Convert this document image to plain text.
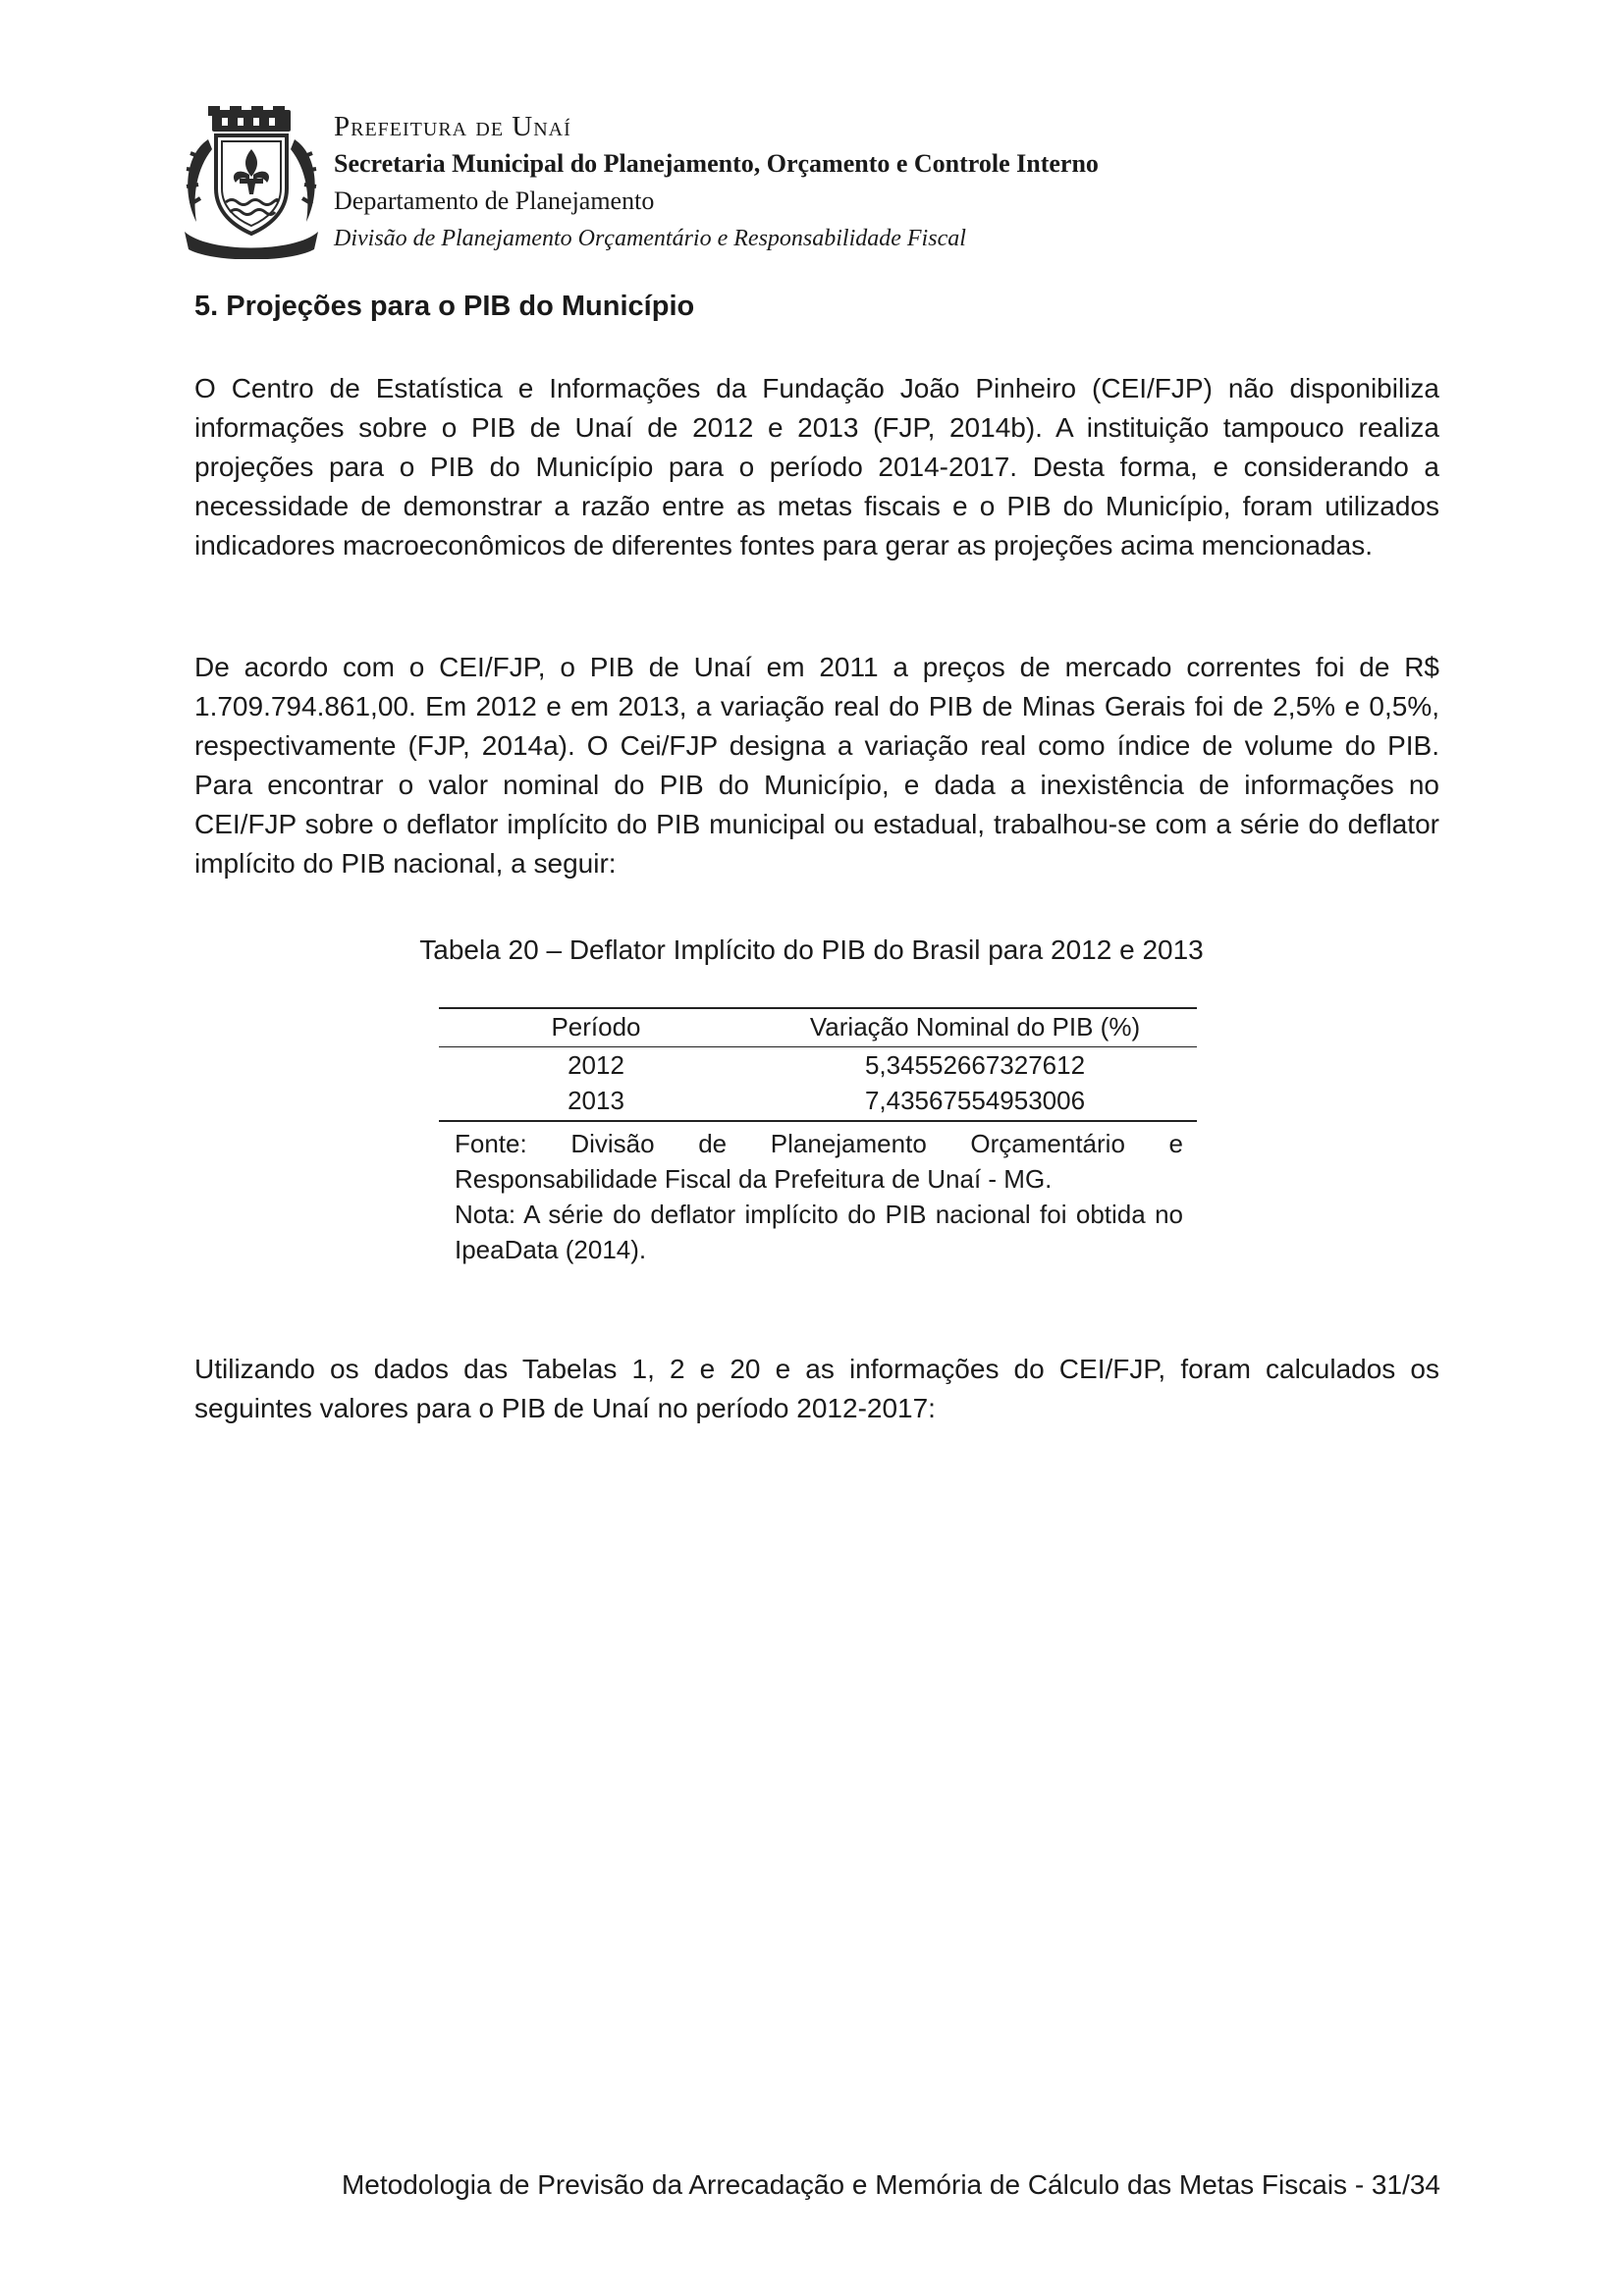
Prefeitura de Unaí
Secretaria Municipal do Planejamento, Orçamento e Controle Interno
Departamento de Planejamento
Divisão de Planejamento Orçamentário e Responsabilidade Fiscal
5. Projeções para o PIB do Município

O Centro de Estatística e Informações da Fundação João Pinheiro (CEI/FJP) não disponibiliza informações sobre o PIB de Unaí de 2012 e 2013 (FJP, 2014b). A instituição tampouco realiza projeções para o PIB do Município para o período 2014-2017. Desta forma, e considerando a necessidade de demonstrar a razão entre as metas fiscais e o PIB do Município, foram utilizados indicadores macroeconômicos de diferentes fontes para gerar as projeções acima mencionadas.

De acordo com o CEI/FJP, o PIB de Unaí em 2011 a preços de mercado correntes foi de R$ 1.709.794.861,00. Em 2012 e em 2013, a variação real do PIB de Minas Gerais foi de 2,5% e 0,5%, respectivamente (FJP, 2014a). O Cei/FJP designa a variação real como índice de volume do PIB. Para encontrar o valor nominal do PIB do Município, e dada a inexistência de informações no CEI/FJP sobre o deflator implícito do PIB municipal ou estadual, trabalhou-se com a série do deflator implícito do PIB nacional, a seguir:

Tabela 20 – Deflator Implícito do PIB do Brasil para 2012 e 2013

Período	Variação Nominal do PIB (%)
2012	5,34552667327612
2013	7,43567554953006

Fonte: Divisão de Planejamento Orçamentário e Responsabilidade Fiscal da Prefeitura de Unaí - MG.

Nota: A série do deflator implícito do PIB nacional foi obtida no IpeaData (2014).

Utilizando os dados das Tabelas 1, 2 e 20 e as informações do CEI/FJP, foram calculados os seguintes valores para o PIB de Unaí no período 2012-2017:

Metodologia de Previsão da Arrecadação e Memória de Cálculo das Metas Fiscais - 31/34
